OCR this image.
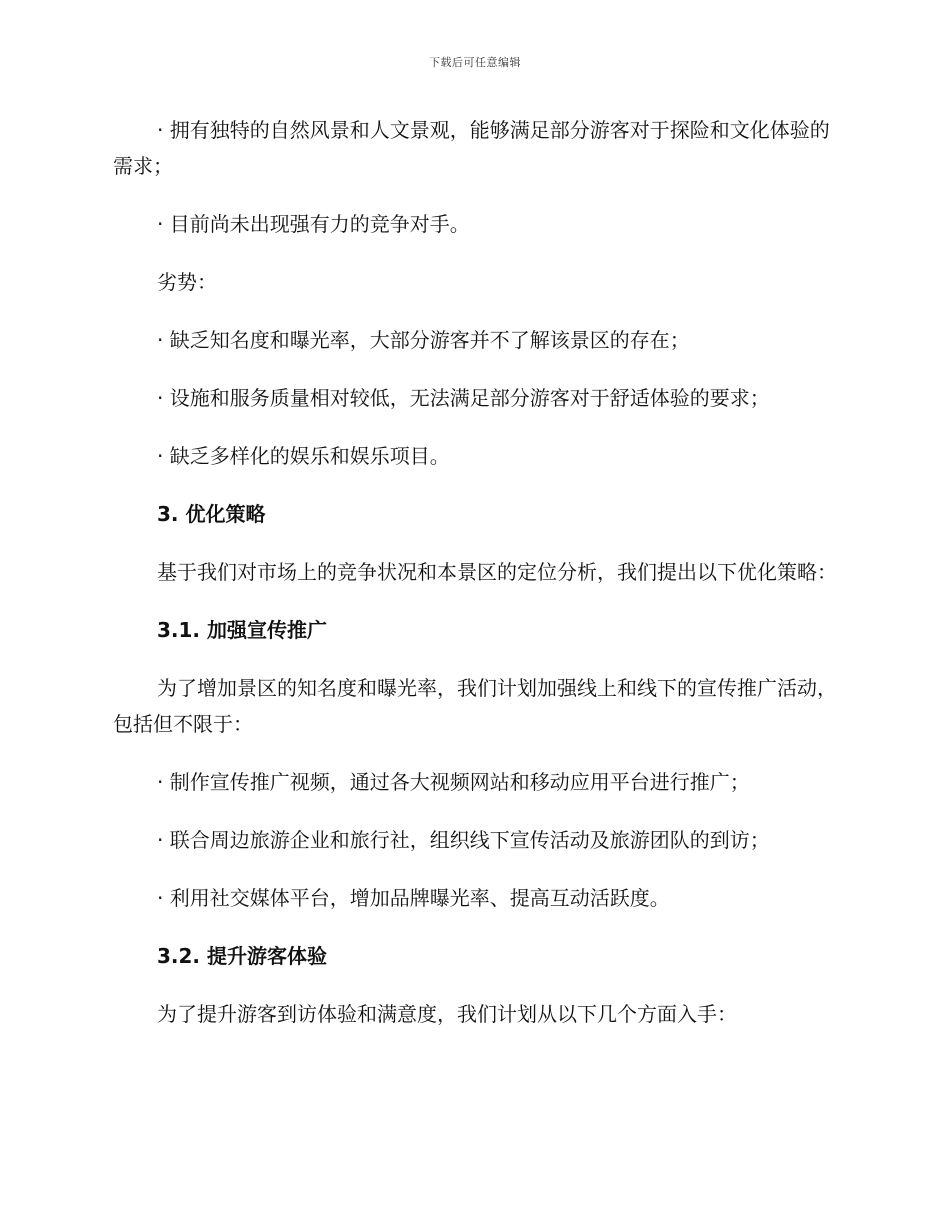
下载后可任意编辑
· 拥有独特的自然风景和人文景观，能够满足部分游客对于探险和文化体验的需求；
· 目前尚未出现强有力的竞争对手。
劣势：
· 缺乏知名度和曝光率，大部分游客并不了解该景区的存在；
· 设施和服务质量相对较低，无法满足部分游客对于舒适体验的要求；
· 缺乏多样化的娱乐和娱乐项目。
3. 优化策略
基于我们对市场上的竞争状况和本景区的定位分析，我们提出以下优化策略：
3.1. 加强宣传推广
为了增加景区的知名度和曝光率，我们计划加强线上和线下的宣传推广活动，包括但不限于：
· 制作宣传推广视频，通过各大视频网站和移动应用平台进行推广；
· 联合周边旅游企业和旅行社，组织线下宣传活动及旅游团队的到访；
· 利用社交媒体平台，增加品牌曝光率、提高互动活跃度。
3.2. 提升游客体验
为了提升游客到访体验和满意度，我们计划从以下几个方面入手：
